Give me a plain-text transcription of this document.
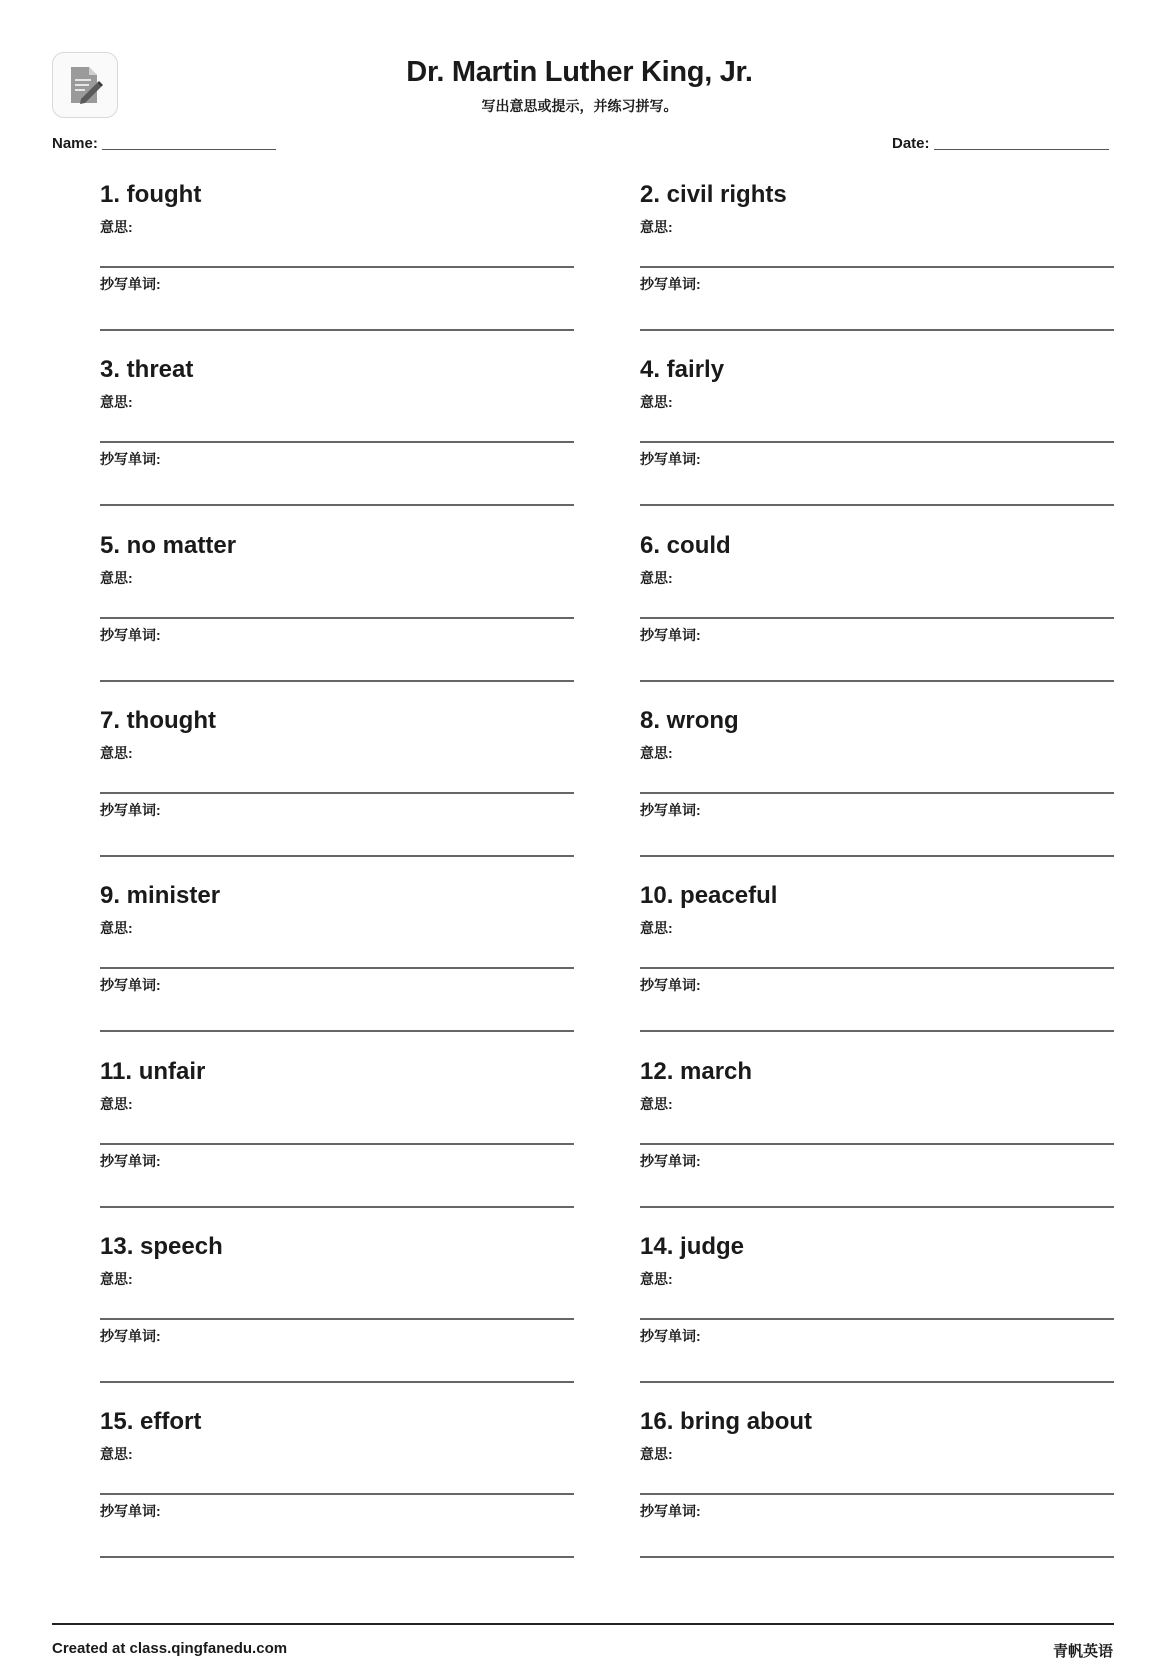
Dr. Martin Luther King, Jr.
写出意思或提示，并练习拼写。
Name:	Date:
1. fought
意思:
抄写单词:
2. civil rights
意思:
抄写单词:
3. threat
意思:
抄写单词:
4. fairly
意思:
抄写单词:
5. no matter
意思:
抄写单词:
6. could
意思:
抄写单词:
7. thought
意思:
抄写单词:
8. wrong
意思:
抄写单词:
9. minister
意思:
抄写单词:
10. peaceful
意思:
抄写单词:
11. unfair
意思:
抄写单词:
12. march
意思:
抄写单词:
13. speech
意思:
抄写单词:
14. judge
意思:
抄写单词:
15. effort
意思:
抄写单词:
16. bring about
意思:
抄写单词:
Created at class.qingfanedu.com	青帆英语
